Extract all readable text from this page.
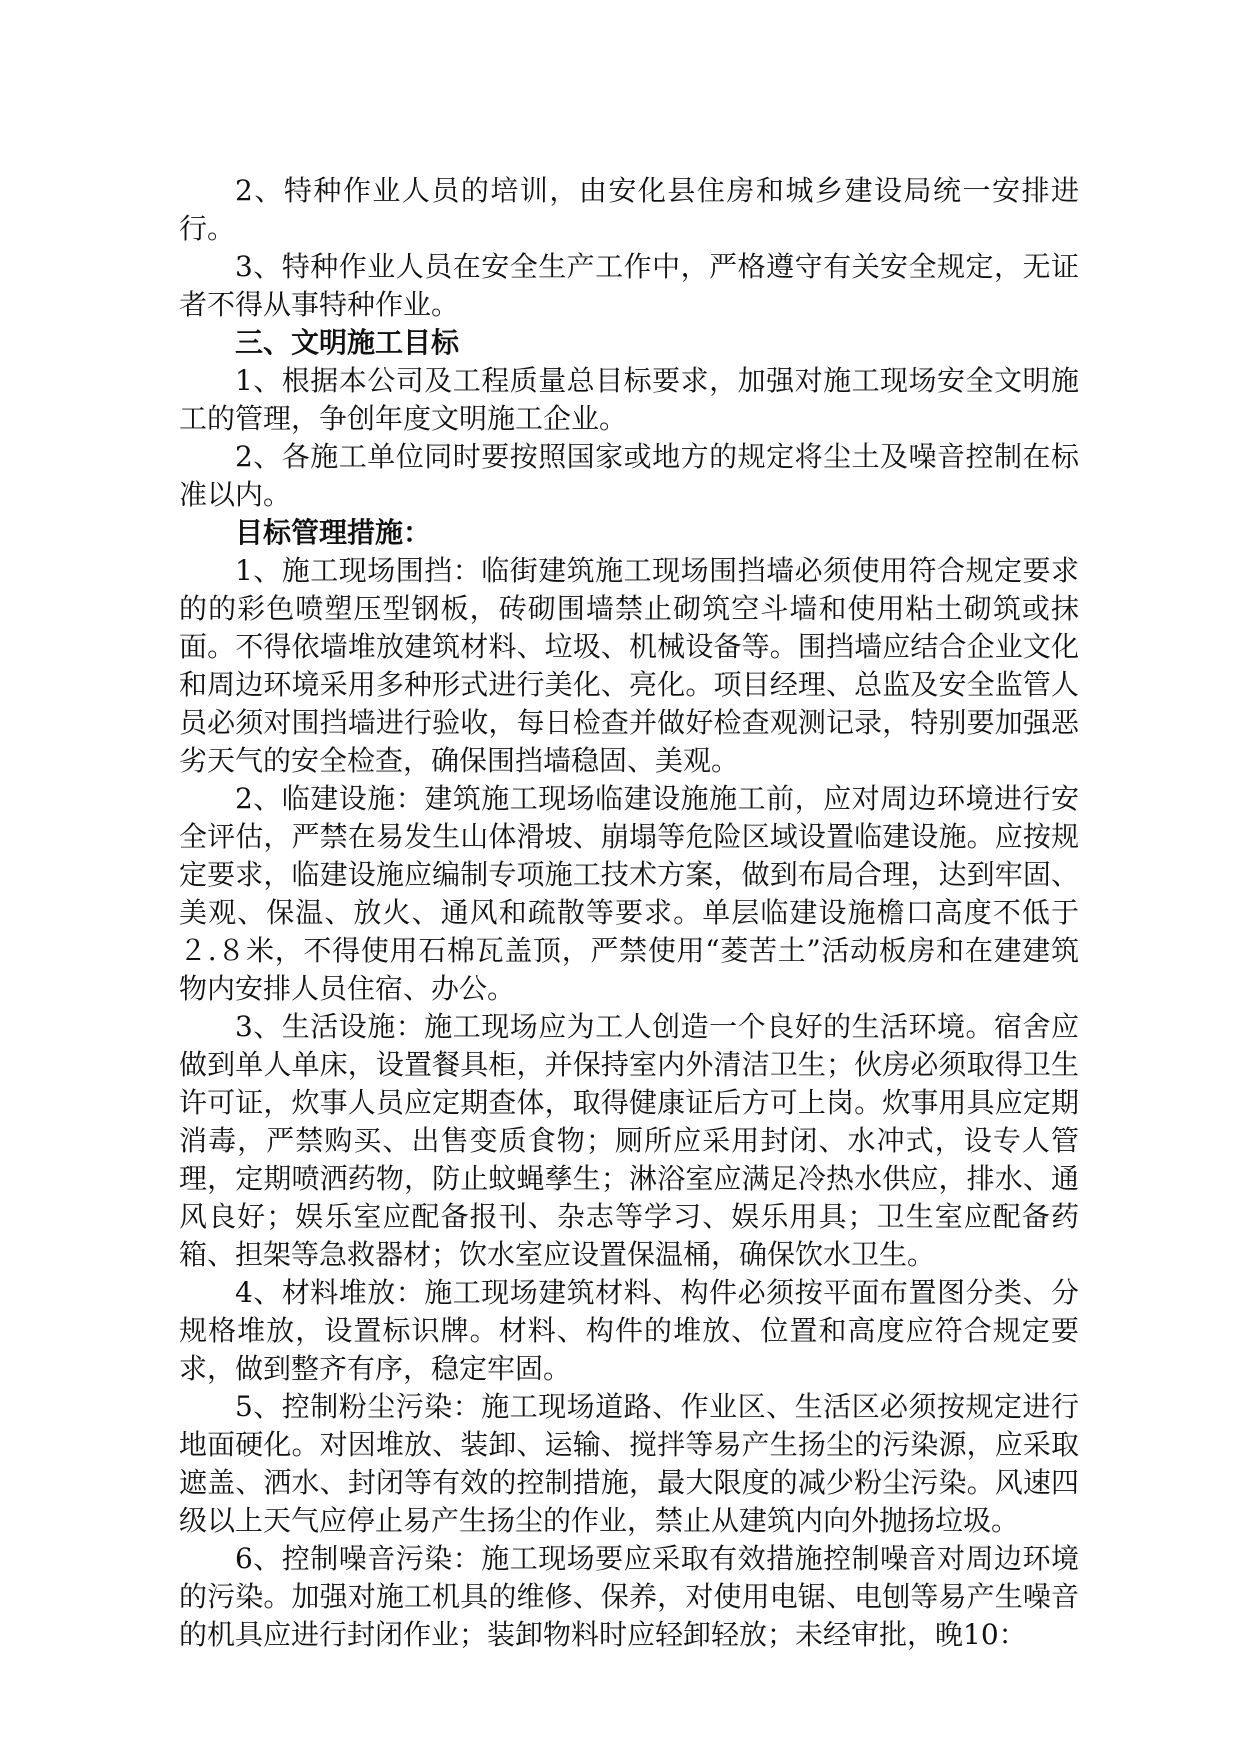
2、特种作业人员的培训，由安化县住房和城乡建设局统一安排进行。

3、特种作业人员在安全生产工作中，严格遵守有关安全规定，无证者不得从事特种作业。

三、文明施工目标

1、根据本公司及工程质量总目标要求，加强对施工现场安全文明施工的管理，争创年度文明施工企业。

2、各施工单位同时要按照国家或地方的规定将尘土及噪音控制在标准以内。

目标管理措施：

1、施工现场围挡：临街建筑施工现场围挡墙必须使用符合规定要求的的彩色喷塑压型钢板，砖砌围墙禁止砌筑空斗墙和使用粘土砌筑或抹面。不得依墙堆放建筑材料、垃圾、机械设备等。围挡墙应结合企业文化和周边环境采用多种形式进行美化、亮化。项目经理、总监及安全监管人员必须对围挡墙进行验收，每日检查并做好检查观测记录，特别要加强恶劣天气的安全检查，确保围挡墙稳固、美观。

2、临建设施：建筑施工现场临建设施施工前，应对周边环境进行安全评估，严禁在易发生山体滑坡、崩塌等危险区域设置临建设施。应按规定要求，临建设施应编制专项施工技术方案，做到布局合理，达到牢固、美观、保温、放火、通风和疏散等要求。单层临建设施檐口高度不低于２.８米，不得使用石棉瓦盖顶，严禁使用“菱苦土”活动板房和在建建筑物内安排人员住宿、办公。

3、生活设施：施工现场应为工人创造一个良好的生活环境。宿舍应做到单人单床，设置餐具柜，并保持室内外清洁卫生；伙房必须取得卫生许可证，炊事人员应定期查体，取得健康证后方可上岗。炊事用具应定期消毒，严禁购买、出售变质食物；厕所应采用封闭、水冲式，设专人管理，定期喷洒药物，防止蚊蝇孳生；淋浴室应满足冷热水供应，排水、通风良好；娱乐室应配备报刊、杂志等学习、娱乐用具；卫生室应配备药箱、担架等急救器材；饮水室应设置保温桶，确保饮水卫生。

4、材料堆放：施工现场建筑材料、构件必须按平面布置图分类、分规格堆放，设置标识牌。材料、构件的堆放、位置和高度应符合规定要求，做到整齐有序，稳定牢固。

5、控制粉尘污染：施工现场道路、作业区、生活区必须按规定进行地面硬化。对因堆放、装卸、运输、搅拌等易产生扬尘的污染源，应采取遮盖、洒水、封闭等有效的控制措施，最大限度的减少粉尘污染。风速四级以上天气应停止易产生扬尘的作业，禁止从建筑内向外抛扬垃圾。

6、控制噪音污染：施工现场要应采取有效措施控制噪音对周边环境的污染。加强对施工机具的维修、保养，对使用电锯、电刨等易产生噪音的机具应进行封闭作业；装卸物料时应轻卸轻放；未经审批，晚10：
